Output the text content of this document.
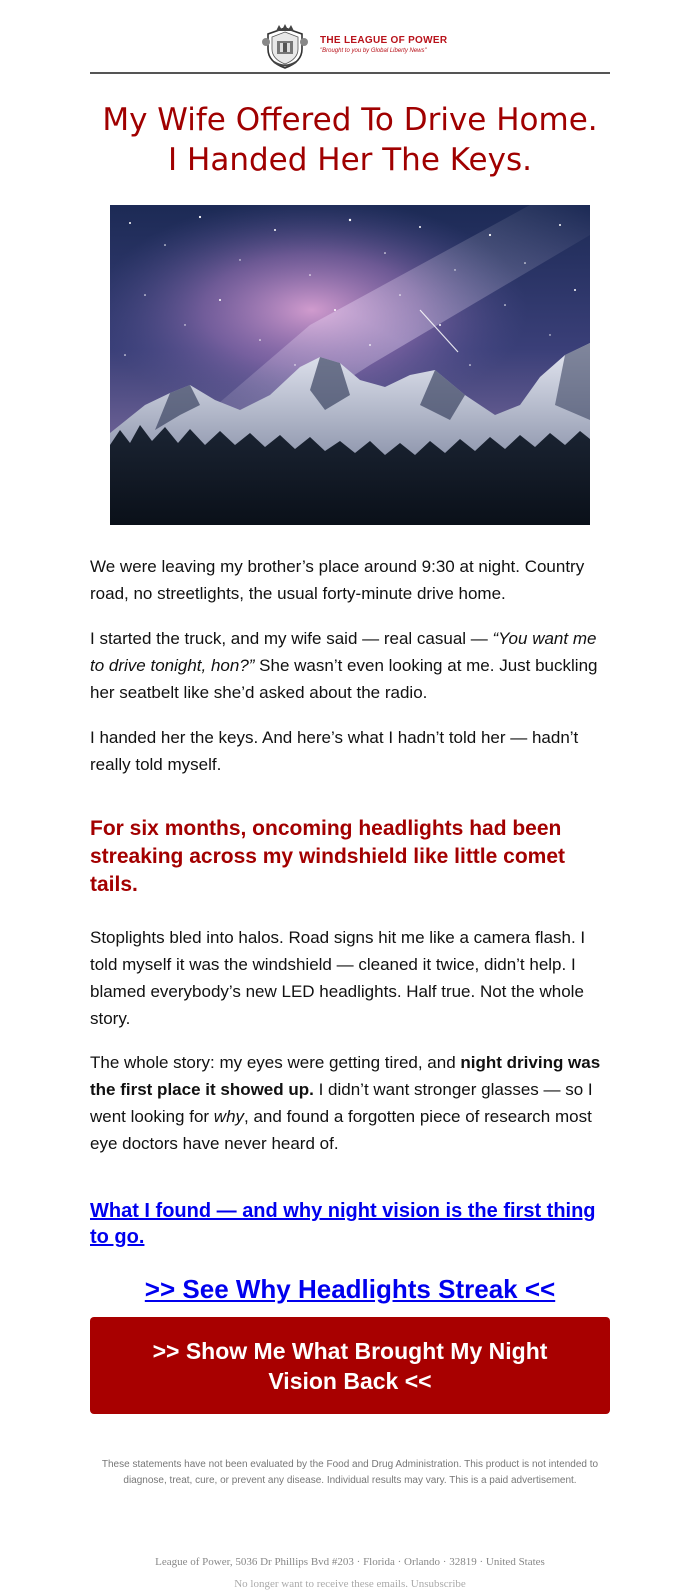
THE LEAGUE OF POWER
"Brought to you by Global Liberty News"
My Wife Offered To Drive Home.
I Handed Her The Keys.

We were leaving my brother’s place around 9:30 at night. Country road, no streetlights, the usual forty-minute drive home.

I started the truck, and my wife said — real casual — “You want me to drive tonight, hon?” She wasn’t even looking at me. Just buckling her seatbelt like she’d asked about the radio.

I handed her the keys. And here’s what I hadn’t told her — hadn’t really told myself.

For six months, oncoming headlights had been streaking across my windshield like little comet tails.

Stoplights bled into halos. Road signs hit me like a camera flash. I told myself it was the windshield — cleaned it twice, didn’t help. I blamed everybody’s new LED headlights. Half true. Not the whole story.

The whole story: my eyes were getting tired, and night driving was the first place it showed up. I didn’t want stronger glasses — so I went looking for why, and found a forgotten piece of research most eye doctors have never heard of.

What I found — and why night vision is the first thing to go.
>> See Why Headlights Streak <<
>> Show Me What Brought My Night Vision Back <<

These statements have not been evaluated by the Food and Drug Administration. This product is not intended to diagnose, treat, cure, or prevent any disease. Individual results may vary. This is a paid advertisement.

League of Power, 5036 Dr Phillips Bvd #203 · Florida · Orlando · 32819 · United States

No longer want to receive these emails. Unsubscribe
